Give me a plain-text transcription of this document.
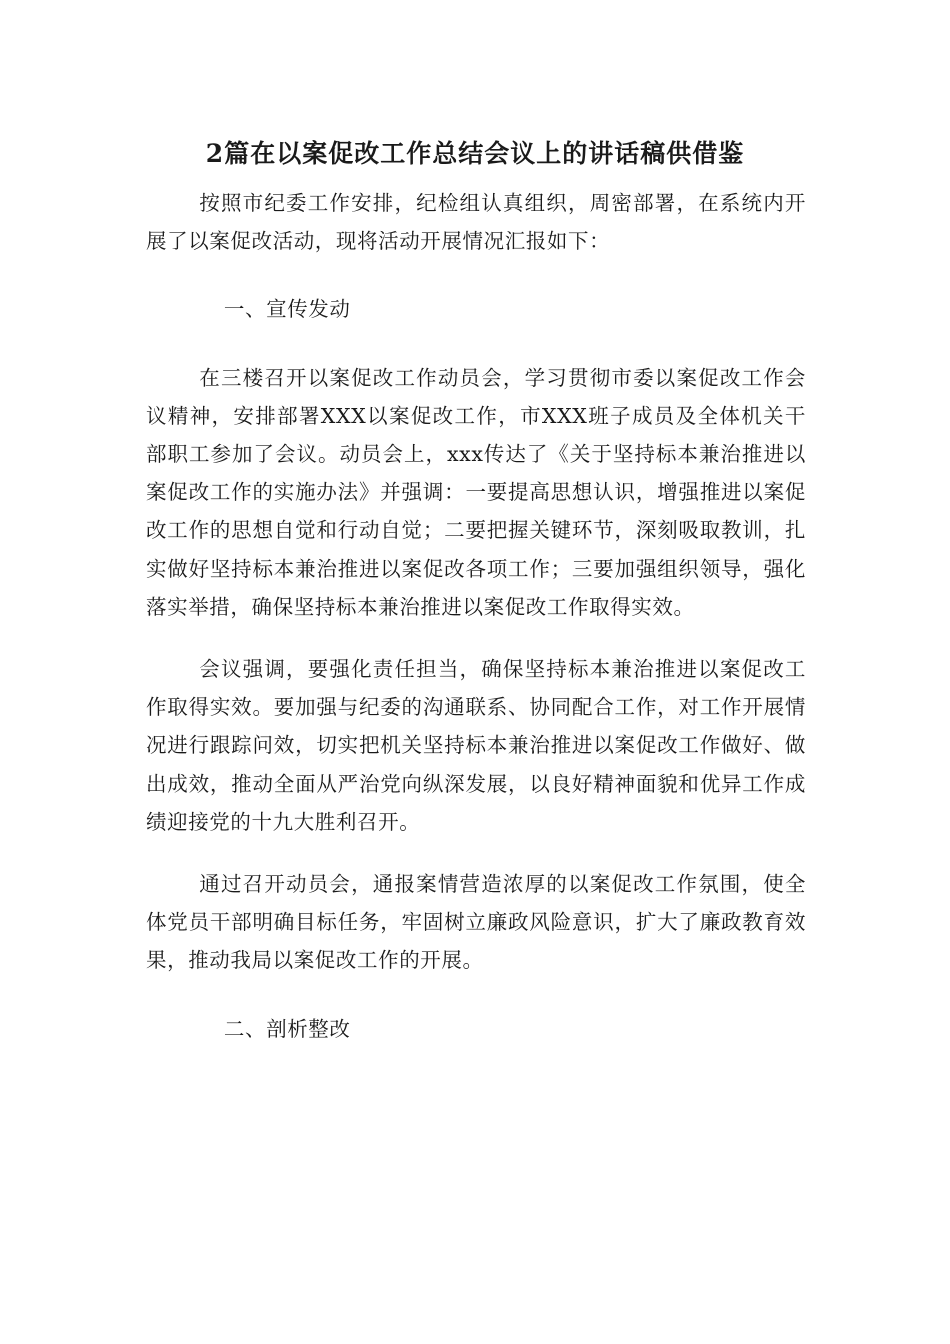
2篇在以案促改工作总结会议上的讲话稿供借鉴

按照市纪委工作安排，纪检组认真组织，周密部署，在系统内开展了以案促改活动，现将活动开展情况汇报如下：

一、宣传发动

在三楼召开以案促改工作动员会，学习贯彻市委以案促改工作会议精神，安排部署XXX以案促改工作，市XXX班子成员及全体机关干部职工参加了会议。动员会上，xxx传达了《关于坚持标本兼治推进以案促改工作的实施办法》并强调：一要提高思想认识，增强推进以案促改工作的思想自觉和行动自觉；二要把握关键环节，深刻吸取教训，扎实做好坚持标本兼治推进以案促改各项工作；三要加强组织领导，强化落实举措，确保坚持标本兼治推进以案促改工作取得实效。

会议强调，要强化责任担当，确保坚持标本兼治推进以案促改工作取得实效。要加强与纪委的沟通联系、协同配合工作，对工作开展情况进行跟踪问效，切实把机关坚持标本兼治推进以案促改工作做好、做出成效，推动全面从严治党向纵深发展，以良好精神面貌和优异工作成绩迎接党的十九大胜利召开。

通过召开动员会，通报案情营造浓厚的以案促改工作氛围，使全体党员干部明确目标任务，牢固树立廉政风险意识，扩大了廉政教育效果，推动我局以案促改工作的开展。

二、剖析整改
